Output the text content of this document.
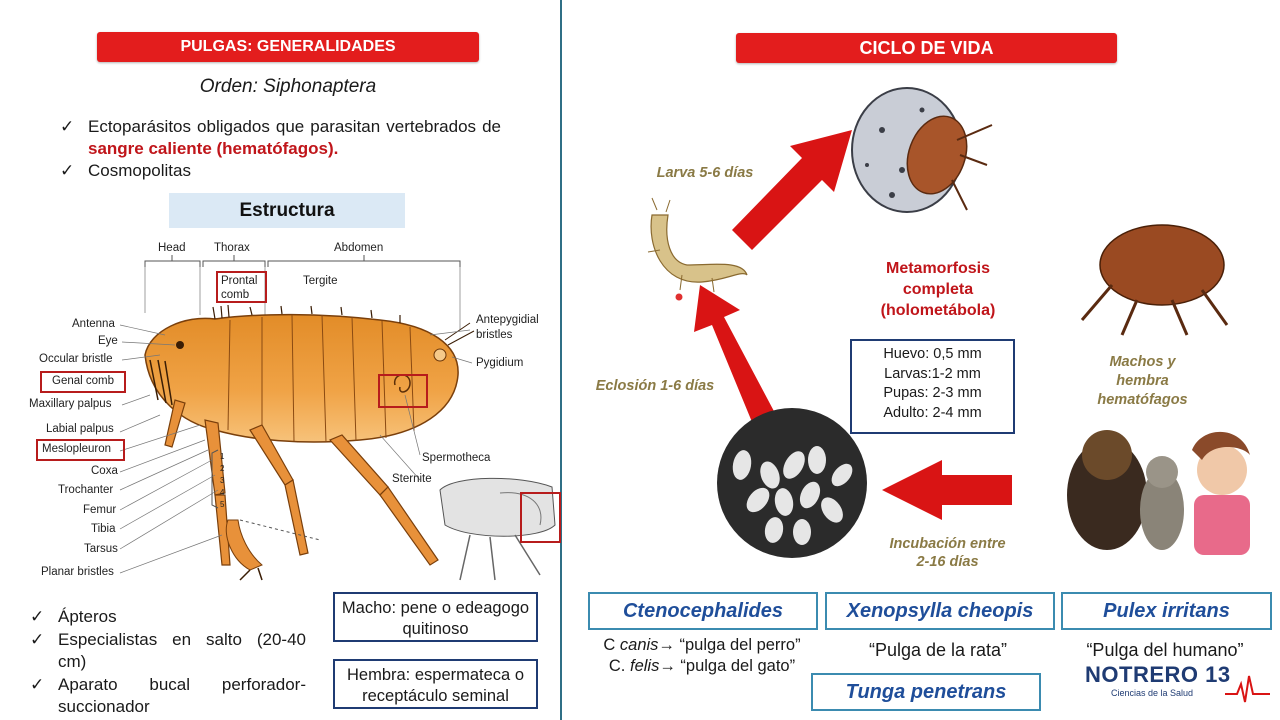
PULGAS: GENERALIDADES
Orden: Siphonaptera
✓ Ectoparásitos obligados que parasitan vertebrados de sangre caliente (hematófagos).
✓ Cosmopolitas
Estructura
Head Thorax	Abdomen
Prontal comb
Tergite
Antepygidial bristles
Pygidium
Antenna
Eye
Occular bristle
Genal comb
Maxillary palpus
Labial palpus
Meslopleuron
Coxa
Trochanter
Femur
Tibia
Tarsus
Planar bristles
1
2
3
4
5
Spermotheca
Sternite
✓ Ápteros
✓ Especialistas en salto (20-40 cm)
✓ Aparato bucal perforador-succionador
Macho: pene o edeagogo quitinoso
Hembra: espermateca o receptáculo seminal
CICLO DE VIDA
Larva 5-6 días
Eclosión 1-6 días
Incubación entre 2-16 días
Machos y hembra hematófagos
Metamorfosis
completa
(holometábola)
Huevo: 0,5 mm
Larvas:1-2 mm
Pupas: 2-3 mm
Adulto: 2-4 mm
Ctenocephalides	Xenopsylla cheopis	Pulex irritans
Tunga penetrans
C canis→ “pulga del perro”
C. felis→ “pulga del gato”
“Pulga de la rata”	“Pulga del humano”
NOTRERO 13
Ciencias de la Salud
